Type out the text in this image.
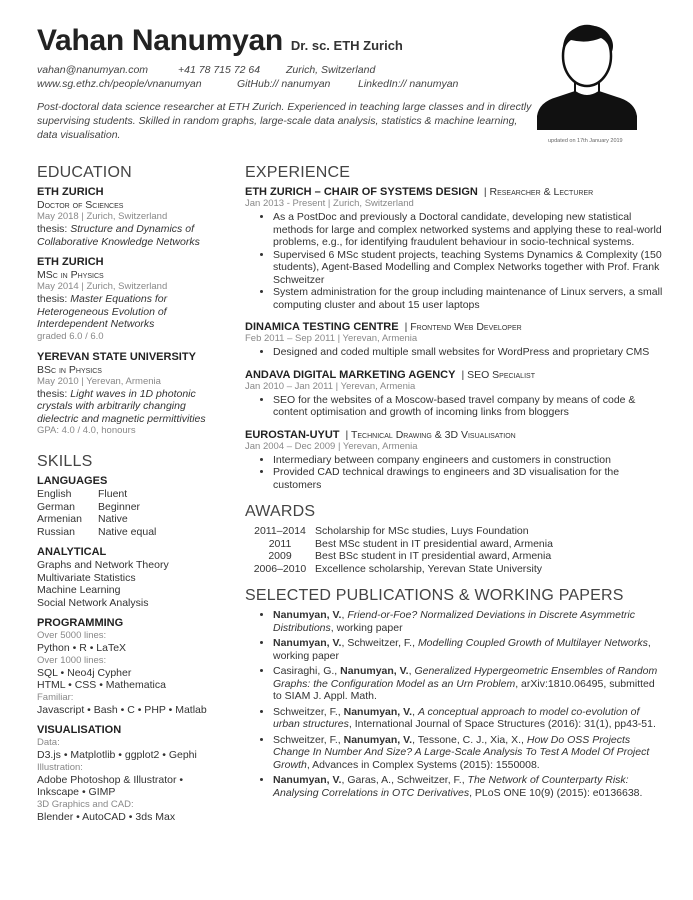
Vahan Nanumyan Dr. sc. ETH Zurich
vahan@nanumyan.com	+41 78 715 72 64	Zurich, Switzerland
www.sg.ethz.ch/people/vnanumyan	GitHub:// nanumyan	LinkedIn:// nanumyan
Post-doctoral data science researcher at ETH Zurich. Experienced in teaching large classes and in directly supervising students. Skilled in random graphs, large-scale data analysis, statistics & machine learning, data visualisation.	updated on 17th January 2019
EDUCATION
ETH ZURICH
Doctor of Sciences
May 2018 | Zurich, Switzerland
thesis: Structure and Dynamics of Collaborative Knowledge Networks
ETH ZURICH
MSc in Physics
May 2014 | Zurich, Switzerland
thesis: Master Equations for Heterogeneous Evolution of Interdependent Networks
graded 6.0 / 6.0
YEREVAN STATE UNIVERSITY
BSc in Physics
May 2010 | Yerevan, Armenia
thesis: Light waves in 1D photonic crystals with arbitrarily changing dielectric and magnetic permittivities
GPA: 4.0 / 4.0, honours
SKILLS
LANGUAGES
English	Fluent
German	Beginner
Armenian	Native
Russian	Native equal
ANALYTICAL
Graphs and Network Theory
Multivariate Statistics
Machine Learning
Social Network Analysis
PROGRAMMING
Over 5000 lines:
Python • R • LaTeX
Over 1000 lines:
SQL • Neo4j Cypher
HTML • CSS • Mathematica
Familiar:
Javascript • Bash • C • PHP • Matlab
VISUALISATION
Data:
D3.js • Matplotlib • ggplot2 • Gephi
Illustration:
Adobe Photoshop & Illustrator •
Inkscape • GIMP
3D Graphics and CAD:
Blender • AutoCAD • 3ds Max
EXPERIENCE
ETH ZURICH – CHAIR OF SYSTEMS DESIGN | Researcher & Lecturer
Jan 2013 - Present | Zurich, Switzerland
• As a PostDoc and previously a Doctoral candidate, developing new statistical methods for large and complex networked systems and applying these to real-world problems, e.g., for identifying fraudulent behaviour in socio-technical systems.
• Supervised 6 MSc student projects, teaching Systems Dynamics & Complexity (150 students), Agent-Based Modelling and Complex Networks together with Prof. Frank Schweitzer
• System administration for the group including maintenance of Linux servers, a small computing cluster and about 15 user laptops
DINAMICA TESTING CENTRE | Frontend Web Developer
Feb 2011 – Sep 2011 | Yerevan, Armenia
• Designed and coded multiple small websites for WordPress and proprietary CMS
ANDAVA DIGITAL MARKETING AGENCY | SEO Specialist
Jan 2010 – Jan 2011 | Yerevan, Armenia
• SEO for the websites of a Moscow-based travel company by means of code & content optimisation and growth of incoming links from bloggers
EUROSTAN-UYUT | Technical Drawing & 3D Visualisation
Jan 2004 – Dec 2009 | Yerevan, Armenia
• Intermediary between company engineers and customers in construction
• Provided CAD technical drawings to engineers and 3D visualisation for the customers
AWARDS
2011–2014 Scholarship for MSc studies, Luys Foundation
2011	Best MSc student in IT presidential award, Armenia
2009	Best BSc student in IT presidential award, Armenia
2006–2010 Excellence scholarship, Yerevan State University
SELECTED PUBLICATIONS & WORKING PAPERS
• Nanumyan, V., Friend-or-Foe? Normalized Deviations in Discrete Asymmetric Distributions, working paper
• Nanumyan, V., Schweitzer, F., Modelling Coupled Growth of Multilayer Networks, working paper
• Casiraghi, G., Nanumyan, V., Generalized Hypergeometric Ensembles of Random Graphs: the Configuration Model as an Urn Problem, arXiv:1810.06495, submitted to SIAM J. Appl. Math.
• Schweitzer, F., Nanumyan, V., A conceptual approach to model co-evolution of urban structures, International Journal of Space Structures (2016): 31(1), pp43-51.
• Schweitzer, F., Nanumyan, V., Tessone, C. J., Xia, X., How Do OSS Projects Change In Number And Size? A Large-Scale Analysis To Test A Model Of Project Growth, Advances in Complex Systems (2015): 1550008.
• Nanumyan, V., Garas, A., Schweitzer, F., The Network of Counterparty Risk: Analysing Correlations in OTC Derivatives, PLoS ONE 10(9) (2015): e0136638.
